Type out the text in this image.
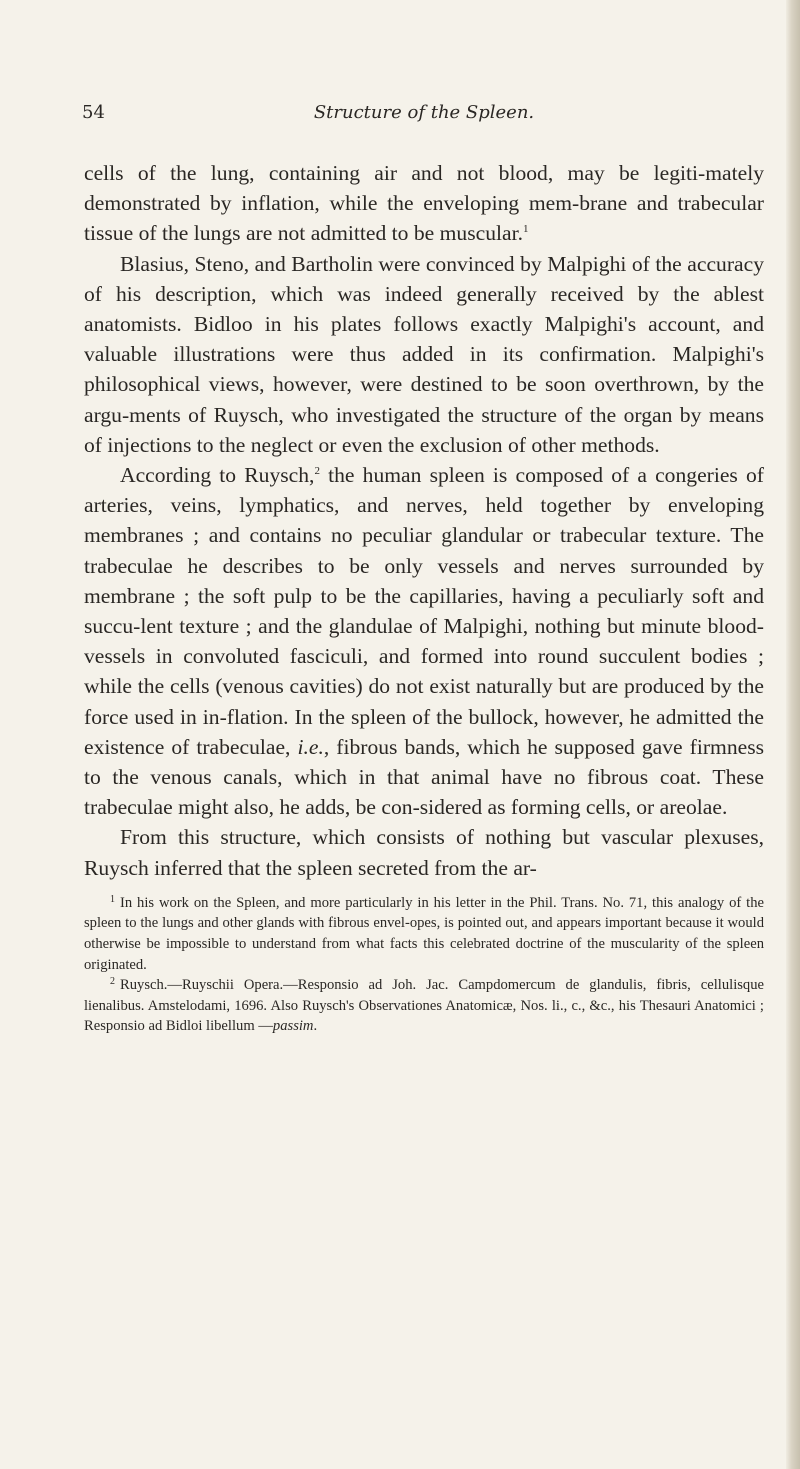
54	Structure of the Spleen.

cells of the lung, containing air and not blood, may be legiti-mately demonstrated by inflation, while the enveloping mem-brane and trabecular tissue of the lungs are not admitted to be muscular.$^1$

Blasius, Steno, and Bartholin were convinced by Malpighi of the accuracy of his description, which was indeed generally received by the ablest anatomists. Bidloo in his plates follows exactly Malpighi's account, and valuable illustrations were thus added in its confirmation. Malpighi's philosophical views, however, were destined to be soon overthrown, by the argu-ments of Ruysch, who investigated the structure of the organ by means of injections to the neglect or even the exclusion of other methods.

According to Ruysch,$^2$ the human spleen is composed of a congeries of arteries, veins, lymphatics, and nerves, held together by enveloping membranes ; and contains no peculiar glandular or trabecular texture. The trabeculae he describes to be only vessels and nerves surrounded by membrane ; the soft pulp to be the capillaries, having a peculiarly soft and succu-lent texture ; and the glandulae of Malpighi, nothing but minute blood-vessels in convoluted fasciculi, and formed into round succulent bodies ; while the cells (venous cavities) do not exist naturally but are produced by the force used in in-flation. In the spleen of the bullock, however, he admitted the existence of trabeculae, i.e., fibrous bands, which he supposed gave firmness to the venous canals, which in that animal have no fibrous coat. These trabeculae might also, he adds, be con-sidered as forming cells, or areolae.

From this structure, which consists of nothing but vascular plexuses, Ruysch inferred that the spleen secreted from the ar-

$^1$ In his work on the Spleen, and more particularly in his letter in the Phil. Trans. No. 71, this analogy of the spleen to the lungs and other glands with fibrous envel-opes, is pointed out, and appears important because it would otherwise be impossible to understand from what facts this celebrated doctrine of the muscularity of the spleen originated.

$^2$ Ruysch.—Ruyschii Opera.—Responsio ad Joh. Jac. Campdomercum de glandulis, fibris, cellulisque lienalibus. Amstelodami, 1696. Also Ruysch's Observationes Anatomicæ, Nos. li., c., &c., his Thesauri Anatomici ; Responsio ad Bidloi libellum —passim.
